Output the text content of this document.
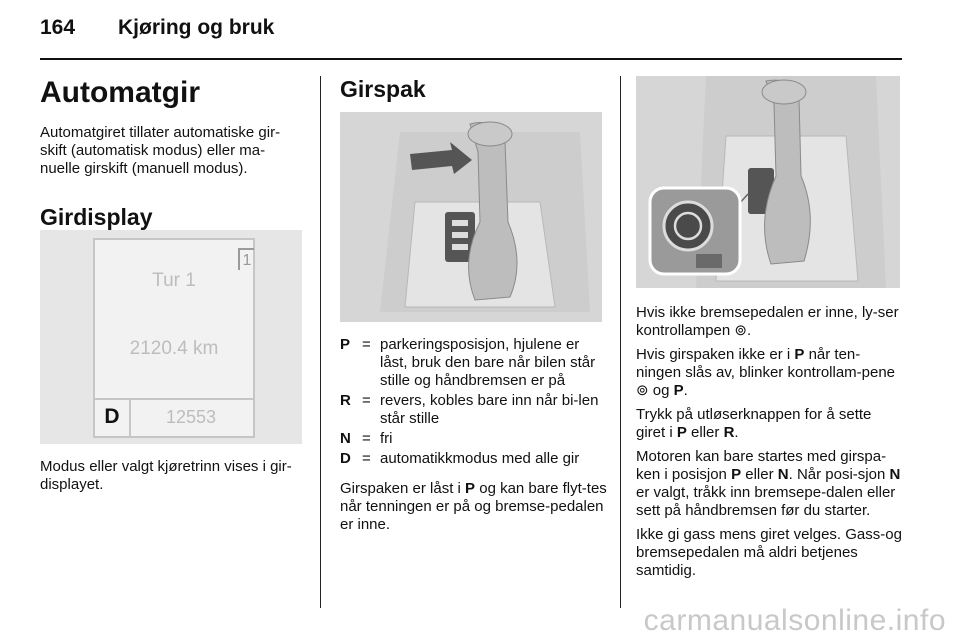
164 Kjøring og bruk
Automatgir

Automatgiret tillater automatiske gir-skift (automatisk modus) eller ma-nuelle girskift (manuell modus).

Girdisplay
1
Tur 1
2120.4 km
D	12553

Modus eller valgt kjøretrinn vises i gir-displayet.

Girspak
P = parkeringsposisjon, hjulene er låst, bruk den bare når bilen står stille og håndbremsen er på
R = revers, kobles bare inn når bi-len står stille
N = fri
D = automatikkmodus med alle gir

Girspaken er låst i P og kan bare flyt-tes når tenningen er på og bremse-pedalen er inne.

Hvis ikke bremsepedalen er inne, ly-ser kontrollampen ⊚.

Hvis girspaken ikke er i P når ten-ningen slås av, blinker kontrollam-pene ⊚ og P.

Trykk på utløserknappen for å sette giret i P eller R.

Motoren kan bare startes med girspa-ken i posisjon P eller N. Når posi-sjon N er valgt, tråkk inn bremsepe-dalen eller sett på håndbremsen før du starter.

Ikke gi gass mens giret velges. Gass-og bremsepedalen må aldri betjenes samtidig.

carmanualsonline.info
